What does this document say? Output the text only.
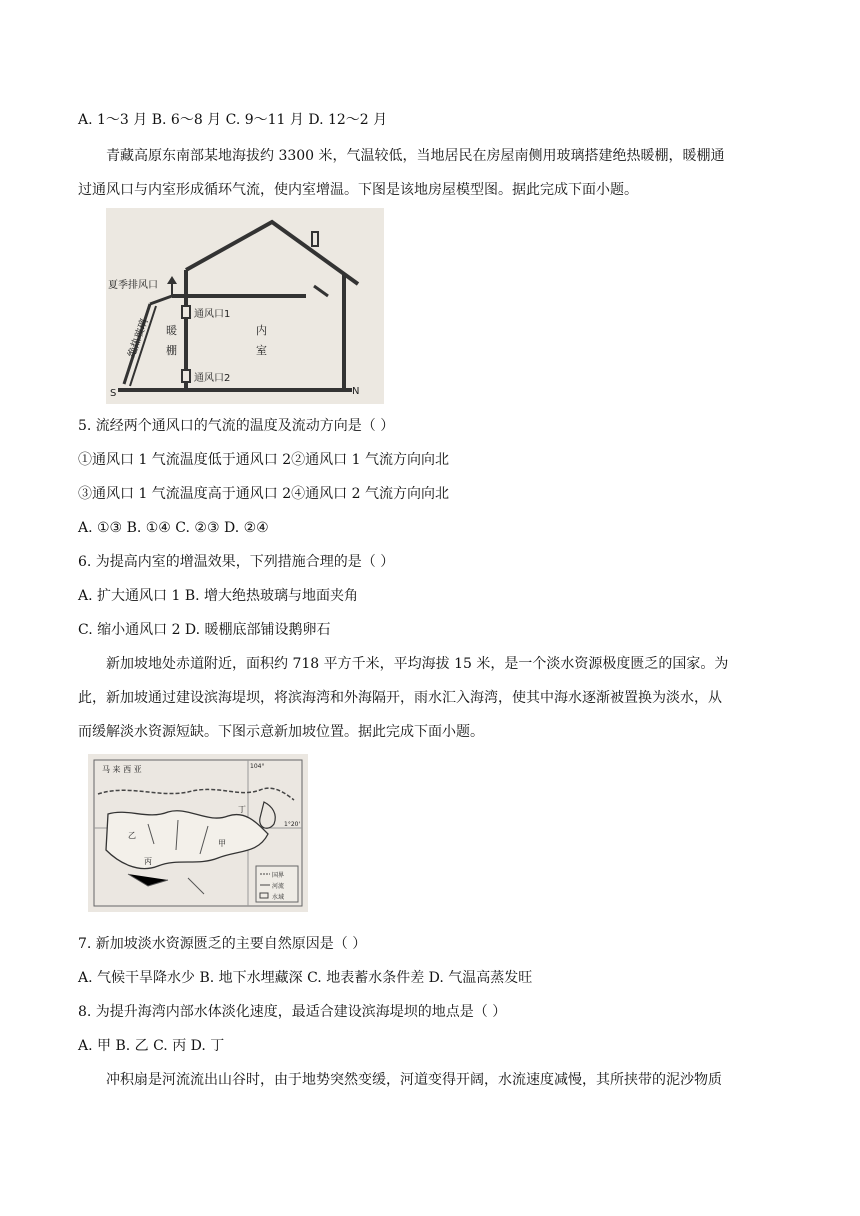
A. 1～3 月 B. 6～8 月 C. 9～11 月 D. 12～2 月
青藏高原东南部某地海拔约 3300 米，气温较低，当地居民在房屋南侧用玻璃搭建绝热暖棚，暖棚通
过通风口与内室形成循环气流，使内室增温。下图是该地房屋模型图。据此完成下面小题。
夏季排风口
通风口1
通风口2
绝热玻璃 暖
棚
内
室
S	N
5. 流经两个通风口的气流的温度及流动方向是（ ）
①通风口 1 气流温度低于通风口 2②通风口 1 气流方向向北
③通风口 1 气流温度高于通风口 2④通风口 2 气流方向向北
A. ①③ B. ①④ C. ②③ D. ②④
6. 为提高内室的增温效果，下列措施合理的是（ ）
A. 扩大通风口 1 B. 增大绝热玻璃与地面夹角
C. 缩小通风口 2 D. 暖棚底部铺设鹅卵石
新加坡地处赤道附近，面积约 718 平方千米，平均海拔 15 米，是一个淡水资源极度匮乏的国家。为
此，新加坡通过建设滨海堤坝，将滨海湾和外海隔开，雨水汇入海湾，使其中海水逐渐被置换为淡水，从
而缓解淡水资源短缺。下图示意新加坡位置。据此完成下面小题。
国界
河流
水域
马 来 西 亚	104°
1°20'
乙
丙
甲
丁
7. 新加坡淡水资源匮乏的主要自然原因是（ ）
A. 气候干旱降水少 B. 地下水埋藏深 C. 地表蓄水条件差 D. 气温高蒸发旺
8. 为提升海湾内部水体淡化速度，最适合建设滨海堤坝的地点是（ ）
A. 甲 B. 乙 C. 丙 D. 丁
冲积扇是河流流出山谷时，由于地势突然变缓，河道变得开阔，水流速度减慢，其所挟带的泥沙物质
